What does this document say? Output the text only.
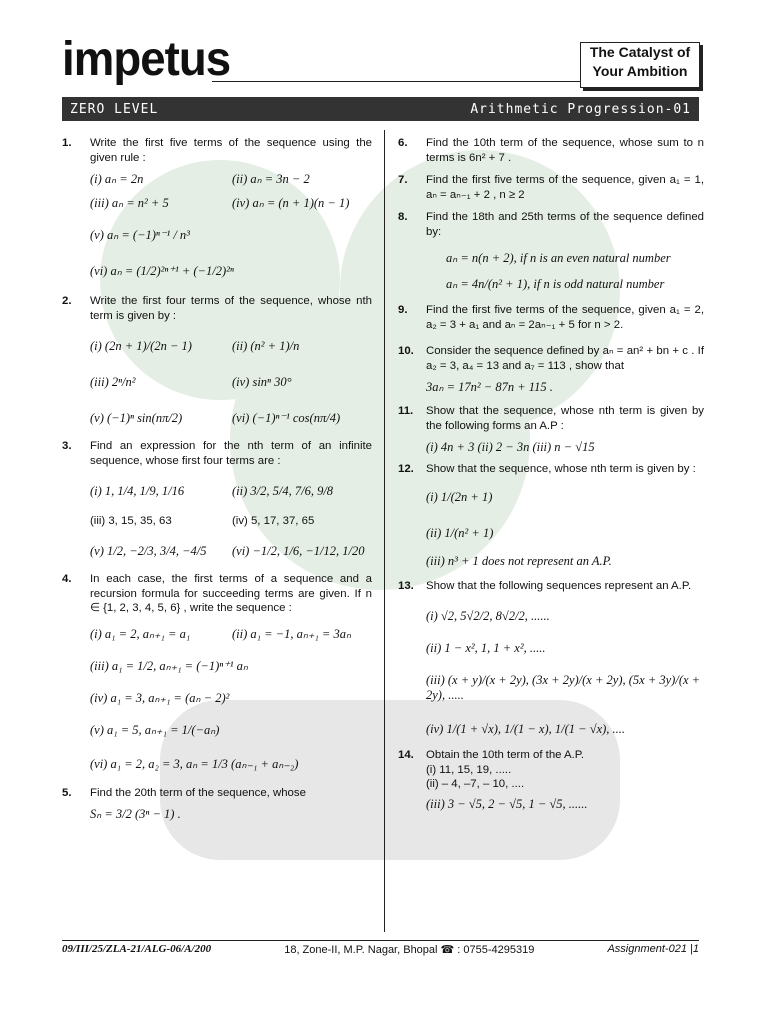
impetus	The Catalyst of
Your Ambition
ZERO LEVEL	Arithmetic Progression-01
1. Write the first five terms of the sequence using the given rule :
(i) aₙ = 2n	(ii) aₙ = 3n − 2
(iii) aₙ = n² + 5	(iv) aₙ = (n + 1)(n − 1)
(v) aₙ = (−1)ⁿ⁻¹ / n³
(vi) aₙ = (1/2)²ⁿ⁺¹ + (−1/2)²ⁿ
2. Write the first four terms of the sequence, whose nth term is given by :
(i) (2n + 1)/(2n − 1)	(ii) (n² + 1)/n
(iii) 2ⁿ/n²	(iv) sinⁿ 30°
(v) (−1)ⁿ sin(nπ/2)	(vi) (−1)ⁿ⁻¹ cos(nπ/4)
3. Find an expression for the nth term of an infinite sequence, whose first four terms are :
(i) 1, 1/4, 1/9, 1/16	(ii) 3/2, 5/4, 7/6, 9/8
(iii) 3, 15, 35, 63	(iv) 5, 17, 37, 65
(v) 1/2, −2/3, 3/4, −4/5	(vi) −1/2, 1/6, −1/12, 1/20
4. In each case, the first terms of a sequence and a recursion formula for succeeding terms are given. If n ∈ {1, 2, 3, 4, 5, 6} , write the sequence :
(i) a₁ = 2, aₙ₊₁ = a₁	(ii) a₁ = −1, aₙ₊₁ = 3aₙ
(iii) a₁ = 1/2, aₙ₊₁ = (−1)ⁿ⁺¹ aₙ
(iv) a₁ = 3, aₙ₊₁ = (aₙ − 2)²
(v) a₁ = 5, aₙ₊₁ = 1/(−aₙ)
(vi) a₁ = 2, a₂ = 3, aₙ = 1/3 (aₙ₋₁ + aₙ₋₂)
5. Find the 20th term of the sequence, whose
Sₙ = 3/2 (3ⁿ − 1) .
6. Find the 10th term of the sequence, whose sum to n terms is 6n² + 7 .
7. Find the first five terms of the sequence, given a₁ = 1, aₙ = aₙ₋₁ + 2 , n ≥ 2
8. Find the 18th and 25th terms of the sequence defined by:
aₙ = n(n + 2), if n is an even natural number
aₙ = 4n/(n² + 1), if n is odd natural number
9. Find the first five terms of the sequence, given a₁ = 2, a₂ = 3 + a₁ and aₙ = 2aₙ₋₁ + 5 for n > 2.
10. Consider the sequence defined by aₙ = an² + bn + c . If a₂ = 3, a₄ = 13 and a₇ = 113 , show that
3aₙ = 17n² − 87n + 115 .
11. Show that the sequence, whose nth term is given by the following forms an A.P :
(i) 4n + 3 (ii) 2 − 3n (iii) n − √15
12. Show that the sequence, whose nth term is given by :
(i) 1/(2n + 1)
(ii) 1/(n² + 1)
(iii) n³ + 1 does not represent an A.P.
13. Show that the following sequences represent an A.P.
(i) √2, 5√2/2, 8√2/2, ......
(ii) 1 − x², 1, 1 + x², .....
(iii) (x + y)/(x + 2y), (3x + 2y)/(x + 2y), (5x + 3y)/(x + 2y), .....
(iv) 1/(1 + √x), 1/(1 − x), 1/(1 − √x), ....
14. Obtain the 10th term of the A.P.
(i) 11, 15, 19, .....
(ii) – 4, –7, – 10, ....
(iii) 3 − √5, 2 − √5, 1 − √5, ......
09/III/25/ZLA-21/ALG-06/A/200	18, Zone-II, M.P. Nagar, Bhopal ☎ : 0755-4295319	Assignment-021 |1
